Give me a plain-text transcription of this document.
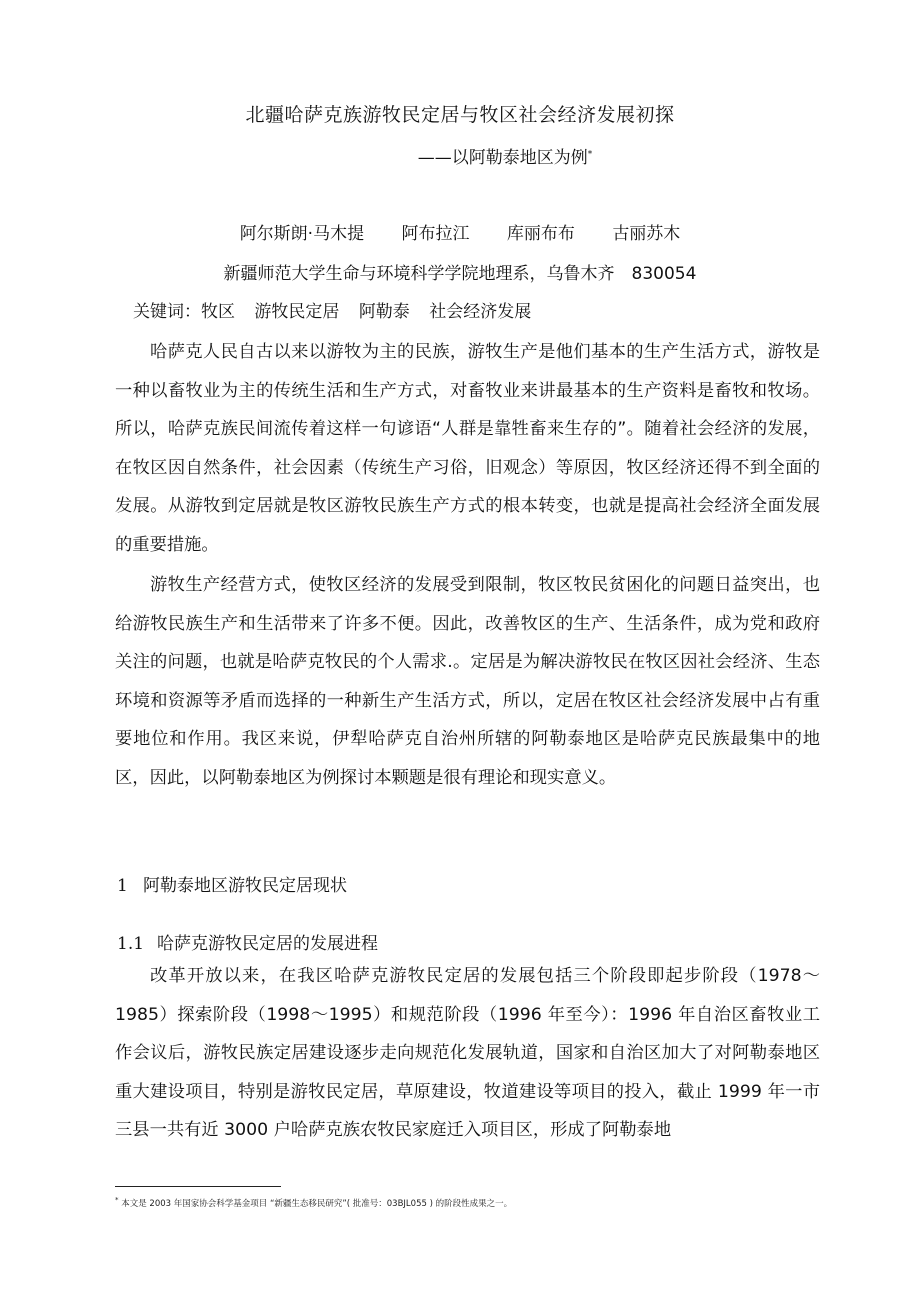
北疆哈萨克族游牧民定居与牧区社会经济发展初探
——以阿勒泰地区为例*
阿尔斯朗·马木提 阿布拉江 库丽布布 古丽苏木
新疆师范大学生命与环境科学学院地理系，乌鲁木齐　830054
关键词：牧区 游牧民定居 阿勒泰 社会经济发展

哈萨克人民自古以来以游牧为主的民族，游牧生产是他们基本的生产生活方式，游牧是一种以畜牧业为主的传统生活和生产方式，对畜牧业来讲最基本的生产资料是畜牧和牧场。所以，哈萨克族民间流传着这样一句谚语“人群是靠牲畜来生存的”。随着社会经济的发展，在牧区因自然条件，社会因素（传统生产习俗，旧观念）等原因，牧区经济还得不到全面的发展。从游牧到定居就是牧区游牧民族生产方式的根本转变，也就是提高社会经济全面发展的重要措施。

游牧生产经营方式，使牧区经济的发展受到限制，牧区牧民贫困化的问题日益突出，也给游牧民族生产和生活带来了许多不便。因此，改善牧区的生产、生活条件，成为党和政府关注的问题，也就是哈萨克牧民的个人需求.。定居是为解决游牧民在牧区因社会经济、生态环境和资源等矛盾而选择的一种新生产生活方式，所以，定居在牧区社会经济发展中占有重要地位和作用。我区来说，伊犁哈萨克自治州所辖的阿勒泰地区是哈萨克民族最集中的地区，因此，以阿勒泰地区为例探讨本颗题是很有理论和现实意义。

1 阿勒泰地区游牧民定居现状
1.1 哈萨克游牧民定居的发展进程

改革开放以来，在我区哈萨克游牧民定居的发展包括三个阶段即起步阶段（1978～1985）探索阶段（1998～1995）和规范阶段（1996 年至今）：1996 年自治区畜牧业工作会议后，游牧民族定居建设逐步走向规范化发展轨道，国家和自治区加大了对阿勒泰地区重大建设项目，特别是游牧民定居，草原建设，牧道建设等项目的投入，截止 1999 年一市三县一共有近 3000 户哈萨克族农牧民家庭迁入项目区，形成了阿勒泰地

* 本文是 2003 年国家协会科学基金项目 “新疆生态移民研究”( 批准号：03BJL055 ) 的阶段性成果之一。
